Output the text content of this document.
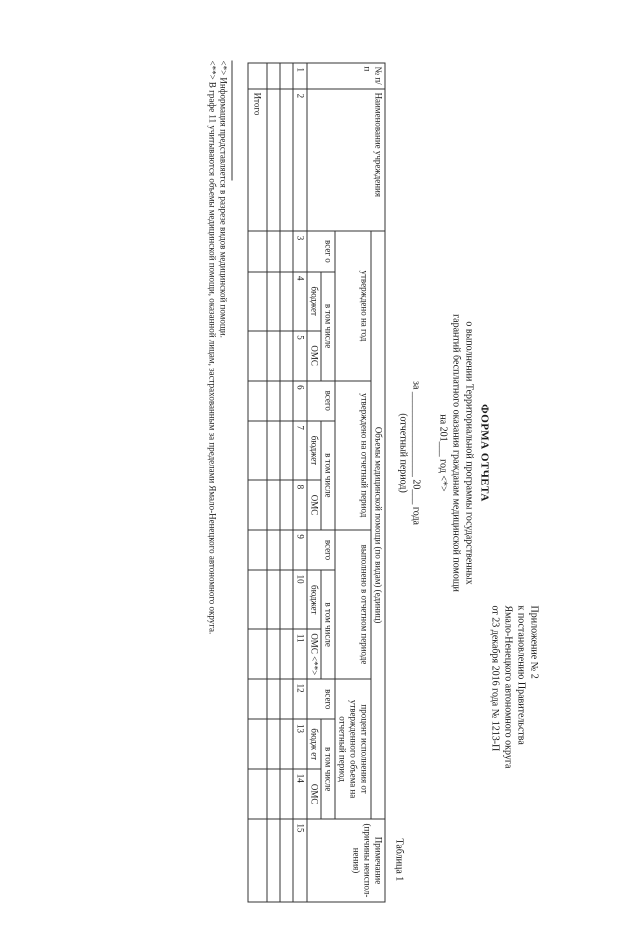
Приложение № 2
к постановлению Правительства
Ямало-Ненецкого автономного округа
от 23 декабря 2016 года № 1213-П
ФОРМА ОТЧЕТА
о выполнении Территориальной программы государственных
гарантий бесплатного оказания гражданам медицинской помощи
на 201___ год <*>
за _________________ 20___ года
(отчетный период)
Таблица 1
№ п/п	Наименование учреждения	Объемы медицинской помощи (по видам) (единиц)												Примечание (причины неиспол- нения)
		утверждено на год			утверждено на отчетный период			выполнено в отчетном периоде			процент исполнения от утвержденного объема на отчетный период			
		всег о	в том числе		всего	в том числе		всего	в том числе		всего	в том числе		
			бюджет	ОМС		бюджет	ОМС		бюджет	ОМС <**>		бюдж ет	ОМС	
1	2	3	4	5	6	7	8	9	10	11	12	13	14	15

	Итого													
<*> Информация представляется в разрезе видов медицинской помощи.
<**> В графе 11 учитываются объемы медицинской помощи, оказанной лицам, застрахованным за пределами Ямало-Ненецкого автономного округа.
